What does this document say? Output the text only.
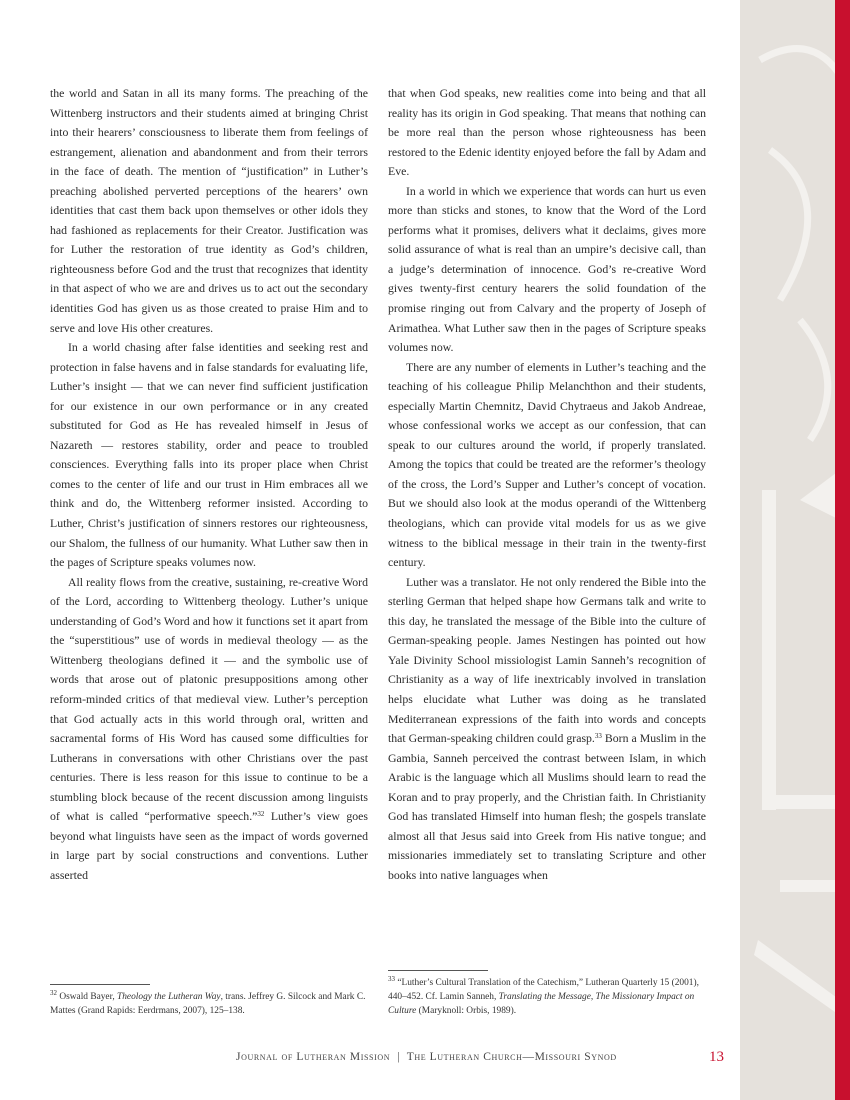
the world and Satan in all its many forms. The preaching of the Wittenberg instructors and their students aimed at bringing Christ into their hearers’ consciousness to liberate them from feelings of estrangement, alienation and abandonment and from their terrors in the face of death. The mention of “justification” in Luther’s preaching abolished perverted perceptions of the hearers’ own identities that cast them back upon themselves or other idols they had fashioned as replacements for their Creator. Justification was for Luther the restoration of true identity as God’s children, righteousness before God and the trust that recognizes that identity in that aspect of who we are and drives us to act out the secondary identities God has given us as those created to praise Him and to serve and love His other creatures.

In a world chasing after false identities and seeking rest and protection in false havens and in false standards for evaluating life, Luther’s insight — that we can never find sufficient justification for our existence in our own performance or in any created substituted for God as He has revealed himself in Jesus of Nazareth — restores stability, order and peace to troubled consciences. Everything falls into its proper place when Christ comes to the center of life and our trust in Him embraces all we think and do, the Wittenberg reformer insisted. According to Luther, Christ’s justification of sinners restores our righteousness, our Shalom, the fullness of our humanity. What Luther saw then in the pages of Scripture speaks volumes now.

All reality flows from the creative, sustaining, re-creative Word of the Lord, according to Wittenberg theology. Luther’s unique understanding of God’s Word and how it functions set it apart from the “superstitious” use of words in medieval theology — as the Wittenberg theologians defined it — and the symbolic use of words that arose out of platonic presuppositions among other reform-minded critics of that medieval view. Luther’s perception that God actually acts in this world through oral, written and sacramental forms of His Word has caused some difficulties for Lutherans in conversations with other Christians over the past centuries. There is less reason for this issue to continue to be a stumbling block because of the recent discussion among linguists of what is called “performative speech.”$^{32}$ Luther’s view goes beyond what linguists have seen as the impact of words governed in large part by social constructions and conventions. Luther asserted

that when God speaks, new realities come into being and that all reality has its origin in God speaking. That means that nothing can be more real than the person whose righteousness has been restored to the Edenic identity enjoyed before the fall by Adam and Eve.

In a world in which we experience that words can hurt us even more than sticks and stones, to know that the Word of the Lord performs what it promises, delivers what it declaims, gives more solid assurance of what is real than an umpire’s decisive call, than a judge’s determination of innocence. God’s re-creative Word gives twenty-first century hearers the solid foundation of the promise ringing out from Calvary and the property of Joseph of Arimathea. What Luther saw then in the pages of Scripture speaks volumes now.

There are any number of elements in Luther’s teaching and the teaching of his colleague Philip Melanchthon and their students, especially Martin Chemnitz, David Chytraeus and Jakob Andreae, whose confessional works we accept as our confession, that can speak to our cultures around the world, if properly translated. Among the topics that could be treated are the reformer’s theology of the cross, the Lord’s Supper and Luther’s concept of vocation. But we should also look at the modus operandi of the Wittenberg theologians, which can provide vital models for us as we give witness to the biblical message in their train in the twenty-first century.

Luther was a translator. He not only rendered the Bible into the sterling German that helped shape how Germans talk and write to this day, he translated the message of the Bible into the culture of German-speaking people. James Nestingen has pointed out how Yale Divinity School missiologist Lamin Sanneh’s recognition of Christianity as a way of life inextricably involved in translation helps elucidate what Luther was doing as he translated Mediterranean expressions of the faith into words and concepts that German-speaking children could grasp.$^{33}$ Born a Muslim in the Gambia, Sanneh perceived the contrast between Islam, in which Arabic is the language which all Muslims should learn to read the Koran and to pray properly, and the Christian faith. In Christianity God has translated Himself into human flesh; the gospels translate almost all that Jesus said into Greek from His native tongue; and missionaries immediately set to translating Scripture and other books into native languages when

$^{32}$ Oswald Bayer, Theology the Lutheran Way, trans. Jeffrey G. Silcock and Mark C. Mattes (Grand Rapids: Eerdrmans, 2007), 125–138.
$^{33}$ “Luther’s Cultural Translation of the Catechism,” Lutheran Quarterly 15 (2001), 440–452. Cf. Lamin Sanneh, Translating the Message, The Missionary Impact on Culture (Maryknoll: Orbis, 1989).
Journal of Lutheran Mission | The Lutheran Church—Missouri Synod	13
